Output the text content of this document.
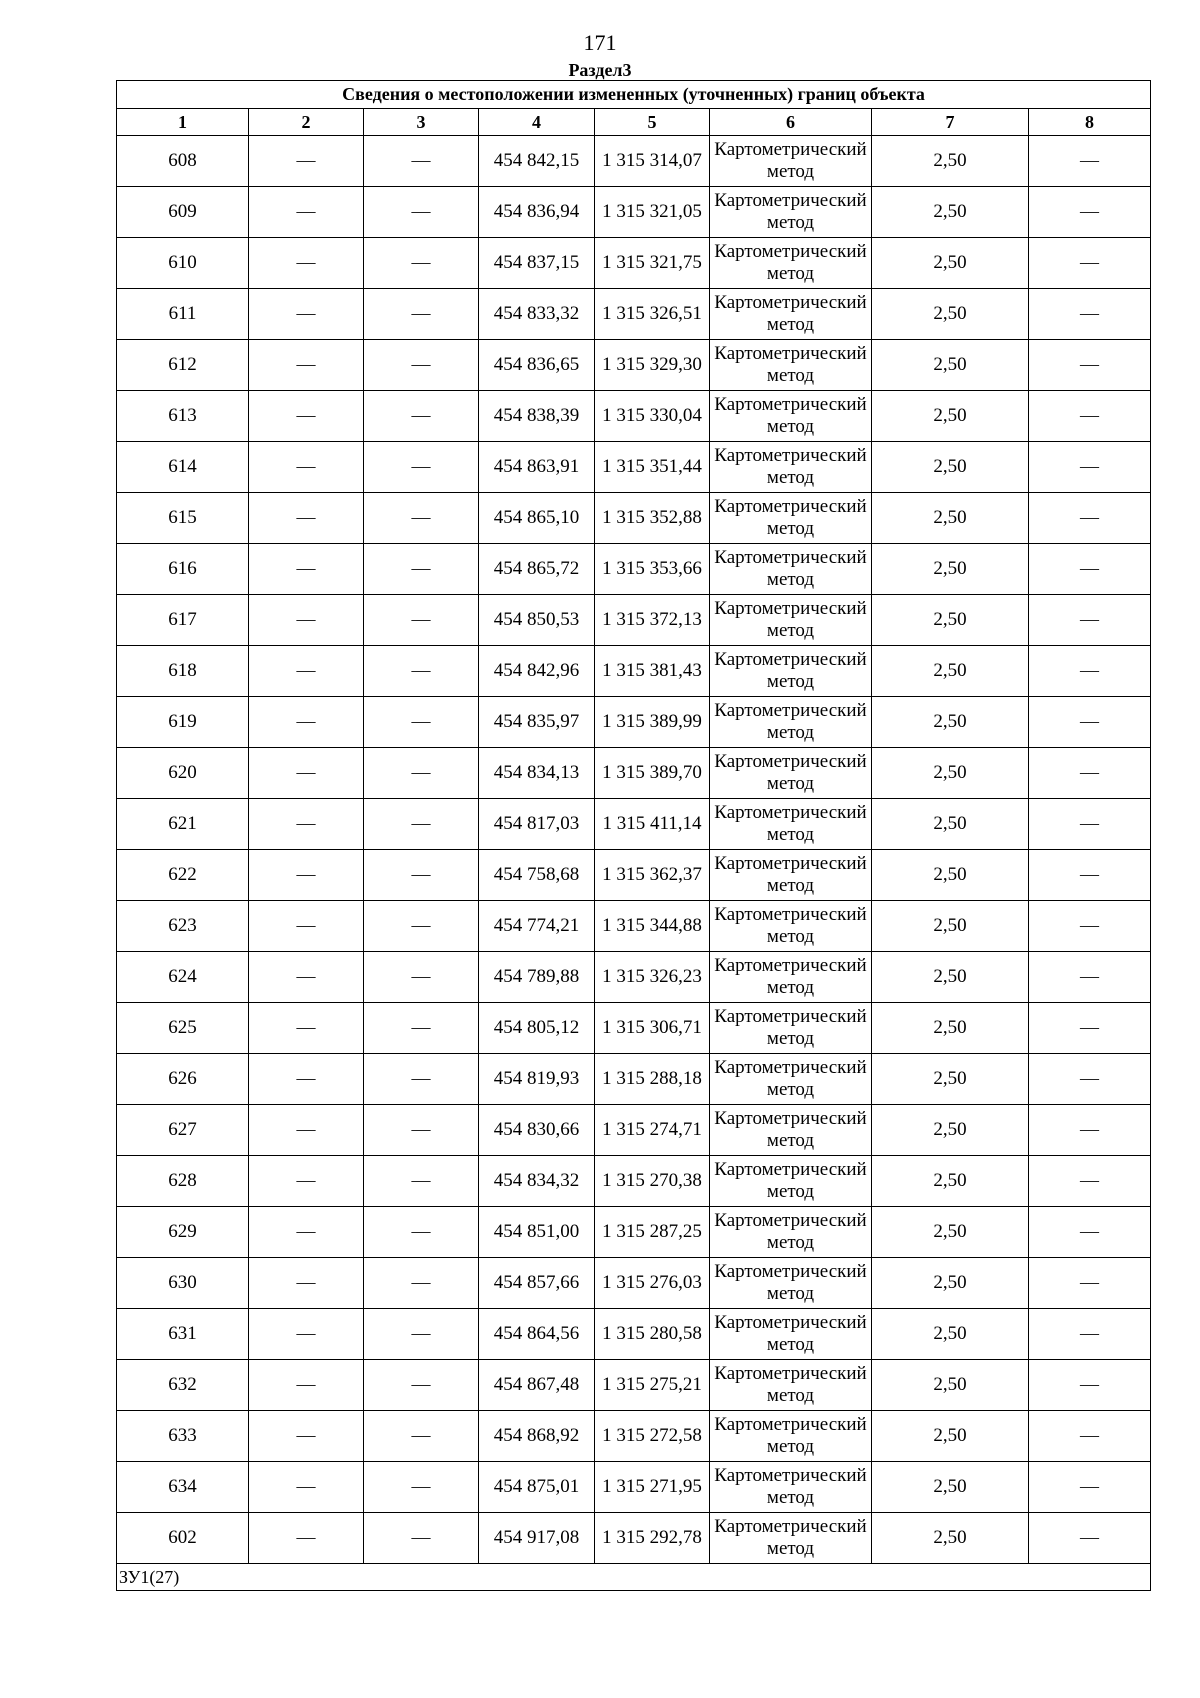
171
Раздел3
Сведения о местоположении измененных (уточненных) границ объекта							
1	2	3	4	5	6	7	8
608	—	—	454 842,15	1 315 314,07	Картометрический метод	2,50	—
609	—	—	454 836,94	1 315 321,05	Картометрический метод	2,50	—
610	—	—	454 837,15	1 315 321,75	Картометрический метод	2,50	—
611	—	—	454 833,32	1 315 326,51	Картометрический метод	2,50	—
612	—	—	454 836,65	1 315 329,30	Картометрический метод	2,50	—
613	—	—	454 838,39	1 315 330,04	Картометрический метод	2,50	—
614	—	—	454 863,91	1 315 351,44	Картометрический метод	2,50	—
615	—	—	454 865,10	1 315 352,88	Картометрический метод	2,50	—
616	—	—	454 865,72	1 315 353,66	Картометрический метод	2,50	—
617	—	—	454 850,53	1 315 372,13	Картометрический метод	2,50	—
618	—	—	454 842,96	1 315 381,43	Картометрический метод	2,50	—
619	—	—	454 835,97	1 315 389,99	Картометрический метод	2,50	—
620	—	—	454 834,13	1 315 389,70	Картометрический метод	2,50	—
621	—	—	454 817,03	1 315 411,14	Картометрический метод	2,50	—
622	—	—	454 758,68	1 315 362,37	Картометрический метод	2,50	—
623	—	—	454 774,21	1 315 344,88	Картометрический метод	2,50	—
624	—	—	454 789,88	1 315 326,23	Картометрический метод	2,50	—
625	—	—	454 805,12	1 315 306,71	Картометрический метод	2,50	—
626	—	—	454 819,93	1 315 288,18	Картометрический метод	2,50	—
627	—	—	454 830,66	1 315 274,71	Картометрический метод	2,50	—
628	—	—	454 834,32	1 315 270,38	Картометрический метод	2,50	—
629	—	—	454 851,00	1 315 287,25	Картометрический метод	2,50	—
630	—	—	454 857,66	1 315 276,03	Картометрический метод	2,50	—
631	—	—	454 864,56	1 315 280,58	Картометрический метод	2,50	—
632	—	—	454 867,48	1 315 275,21	Картометрический метод	2,50	—
633	—	—	454 868,92	1 315 272,58	Картометрический метод	2,50	—
634	—	—	454 875,01	1 315 271,95	Картометрический метод	2,50	—
602	—	—	454 917,08	1 315 292,78	Картометрический метод	2,50	—
ЗУ1(27)							
